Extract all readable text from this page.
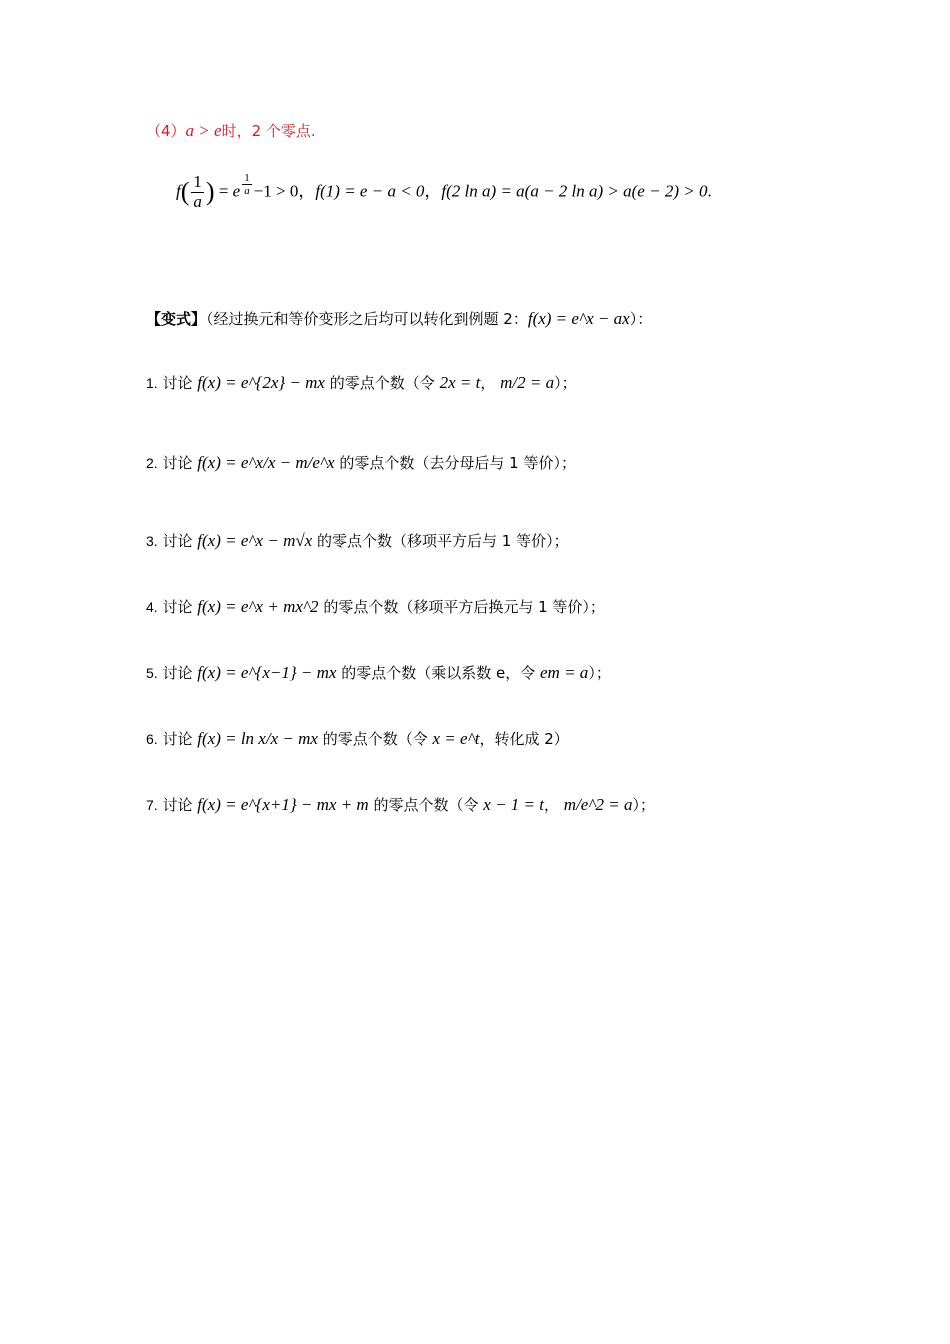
（4）a > e时，2 个零点.
$f( \frac{1}{a}$ ) = e $^{\frac{1}{a}}$ −1 > 0，f(1) = e − a < 0，f(2 ln a) = a(a − 2 ln a) > a(e − 2) > 0.
【变式】（经过换元和等价变形之后均可以转化到例题 2：f(x) = e^x − ax）：
1. 讨论 f(x) = e^{2x} − mx 的零点个数（令 2x = t， m/2 = a）；
2. 讨论 f(x) = e^x/x − m/e^x 的零点个数（去分母后与 1 等价）；
3. 讨论 f(x) = e^x − m√x 的零点个数（移项平方后与 1 等价）；
4. 讨论 f(x) = e^x + mx^2 的零点个数（移项平方后换元与 1 等价）；
5. 讨论 f(x) = e^{x−1} − mx 的零点个数（乘以系数 e，令 em = a）；
6. 讨论 f(x) = ln x/x − mx 的零点个数（令 x = e^t，转化成 2）
7. 讨论 f(x) = e^{x+1} − mx + m 的零点个数（令 x − 1 = t， m/e^2 = a）；
